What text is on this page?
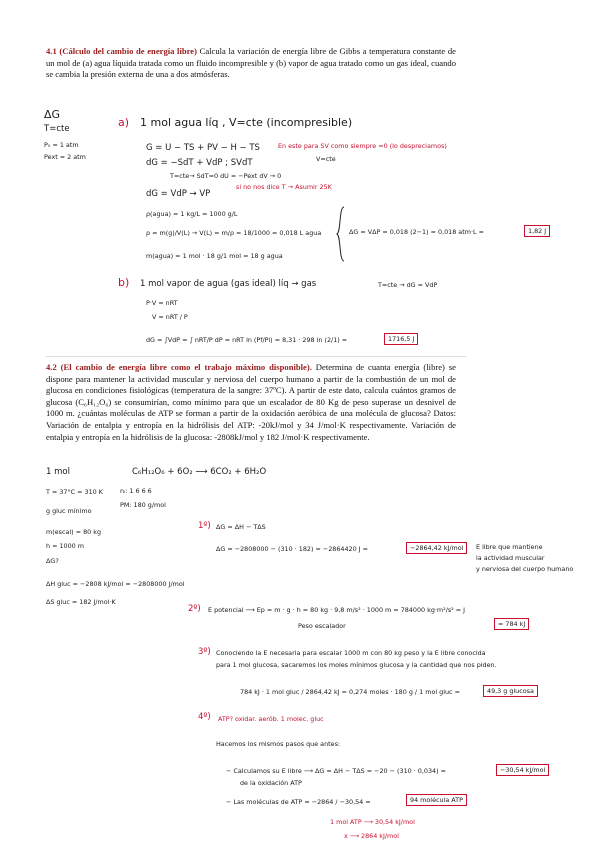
4.1 (Cálculo del cambio de energía libre) Calcula la variación de energía libre de Gibbs a temperatura constante de un mol de (a) agua líquida tratada como un fluido incompresible y (b) vapor de agua tratado como un gas ideal, cuando se cambia la presión externa de una a dos atmósferas.
ΔG
T=cte
P₀ = 1 atm
Pext = 2 atm
a) 1 mol agua líq , V=cte (incompresible)
G = U − TS + PV − H − TS	En este para SV como siempre =0 (lo despreciamos)
dG = −SdT + VdP ; SVdT	V=cte
T=cte→ SdT=0 dU = −Pext dV → 0
si no nos dice T → Asumir 25K
dG = VdP → VP
ρ(agua) = 1 kg/L = 1000 g/L
ρ = m(g)/V(L) → V(L) = m/ρ = 18/1000 = 0,018 L agua
m(agua) = 1 mol · 18 g/1 mol = 18 g agua
ΔG = VΔP = 0,018 (2−1) = 0,018 atm·L =	1,82 J
b) 1 mol vapor de agua (gas ideal) líq → gas	T=cte → dG = VdP
P·V = nRT
V = nRT / P
dG = ∫VdP = ∫ nRT/P dP = nRT ln (Pf/Pi) = 8,31 · 298 ln (2/1) =	1716,5 J
4.2 (El cambio de energía libre como el trabajo máximo disponible). Determina de cuanta energía (libre) se dispone para mantener la actividad muscular y nerviosa del cuerpo humano a partir de la combustión de un mol de glucosa en condiciones fisiológicas (temperatura de la sangre: 37ºC). A partir de este dato, calcula cuántos gramos de glucosa (C₆H₁₂O₆) se consumirían, como mínimo para que un escalador de 80 Kg de peso superase un desnivel de 1000 m. ¿cuántas moléculas de ATP se forman a partir de la oxidación aeróbica de una molécula de glucosa? Datos: Variación de entalpia y entropía en la hidrólisis del ATP: -20kJ/mol y 34 J/mol·K respectivamente. Variación de entalpia y entropía en la hidrólisis de la glucosa: -2808kJ/mol y 182 J/mol·K respectivamente.
1 mol	C₆H₁₂O₆ + 6O₂ ⟶ 6CO₂ + 6H₂O
T = 37°C = 310 K	nᵢ: 1 6 6 6
PM: 180 g/mol
g gluc mínimo
m(escal) = 80 kg
h = 1000 m
ΔG?
ΔH gluc = −2808 kJ/mol = −2808000 J/mol
ΔS gluc = 182 J/mol·K
1º) ΔG = ΔH − TΔS
ΔG = −2808000 − (310 · 182) = −2864420 J =	−2864,42 kJ/mol	E libre que mantiene
la actividad muscular
y nerviosa del cuerpo humano
2º) E potencial ⟶ Ep = m · g · h = 80 kg · 9,8 m/s² · 1000 m = 784000 kg·m²/s² = J
Peso escalador	= 784 kJ
3º) Conociendo la E necesaria para escalar 1000 m con 80 kg peso y la E libre conocida
para 1 mol glucosa, sacaremos los moles mínimos glucosa y la cantidad que nos piden.
784 kJ · 1 mol gluc / 2864,42 kJ = 0,274 moles · 180 g / 1 mol gluc =	49,3 g glucosa
4º) ATP? oxidar. aerób. 1 molec. gluc
Hacemos los mismos pasos que antes:
− Calculamos su E libre ⟶ ΔG = ΔH − TΔS = −20 − (310 · 0,034) =	−30,54 kJ/mol
de la oxidación ATP
− Las moléculas de ATP = −2864 / −30,54 =	94 molécula ATP
1 mol ATP ⟶ 30,54 kJ/mol
x ⟶ 2864 kJ/mol
